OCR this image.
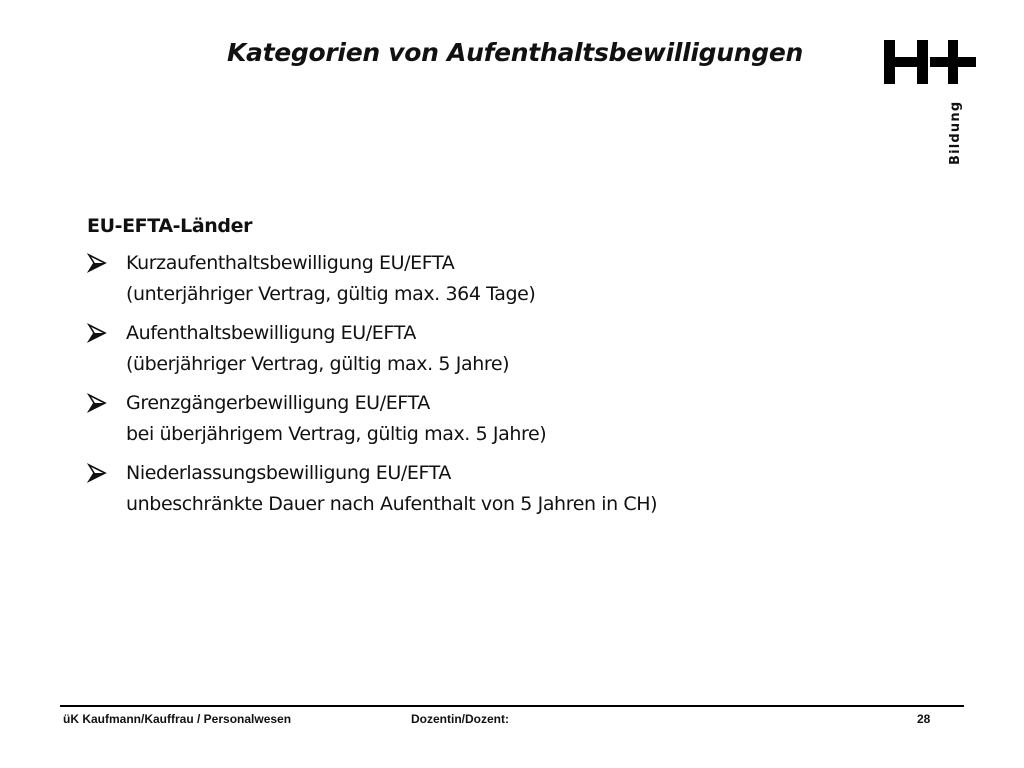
Kategorien von Aufenthaltsbewilligungen
Bildung
EU-EFTA-Länder
Kurzaufenthaltsbewilligung EU/EFTA
(unterjähriger Vertrag, gültig max. 364 Tage)
Aufenthaltsbewilligung EU/EFTA
(überjähriger Vertrag, gültig max. 5 Jahre)
Grenzgängerbewilligung EU/EFTA
bei überjährigem Vertrag, gültig max. 5 Jahre)
Niederlassungsbewilligung EU/EFTA
unbeschränkte Dauer nach Aufenthalt von 5 Jahren in CH)
üK Kaufmann/Kauffrau / Personalwesen	Dozentin/Dozent:	28
